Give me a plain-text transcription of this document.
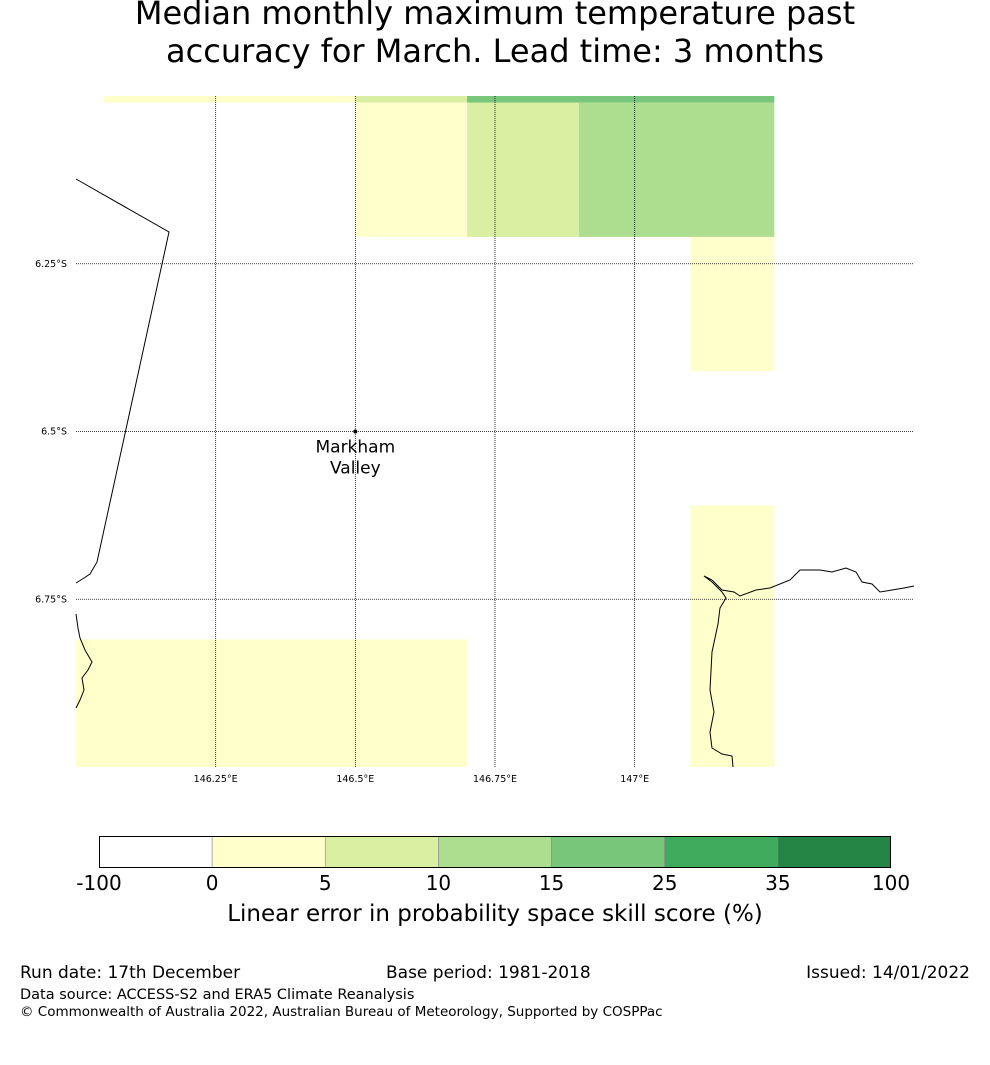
Median monthly maximum temperature past
accuracy for March. Lead time: 3 months
146.25°E	146.5°E	146.75°E	147°E
6.25°S
6.5°S
6.75°S
Markham
Valley
-100	0	5	10	15	25	35	100
Linear error in probability space skill score (%)
Run date: 17th December	Base period: 1981-2018	Issued: 14/01/2022
Data source: ACCESS-S2 and ERA5 Climate Reanalysis
© Commonwealth of Australia 2022, Australian Bureau of Meteorology, Supported by COSPPac
